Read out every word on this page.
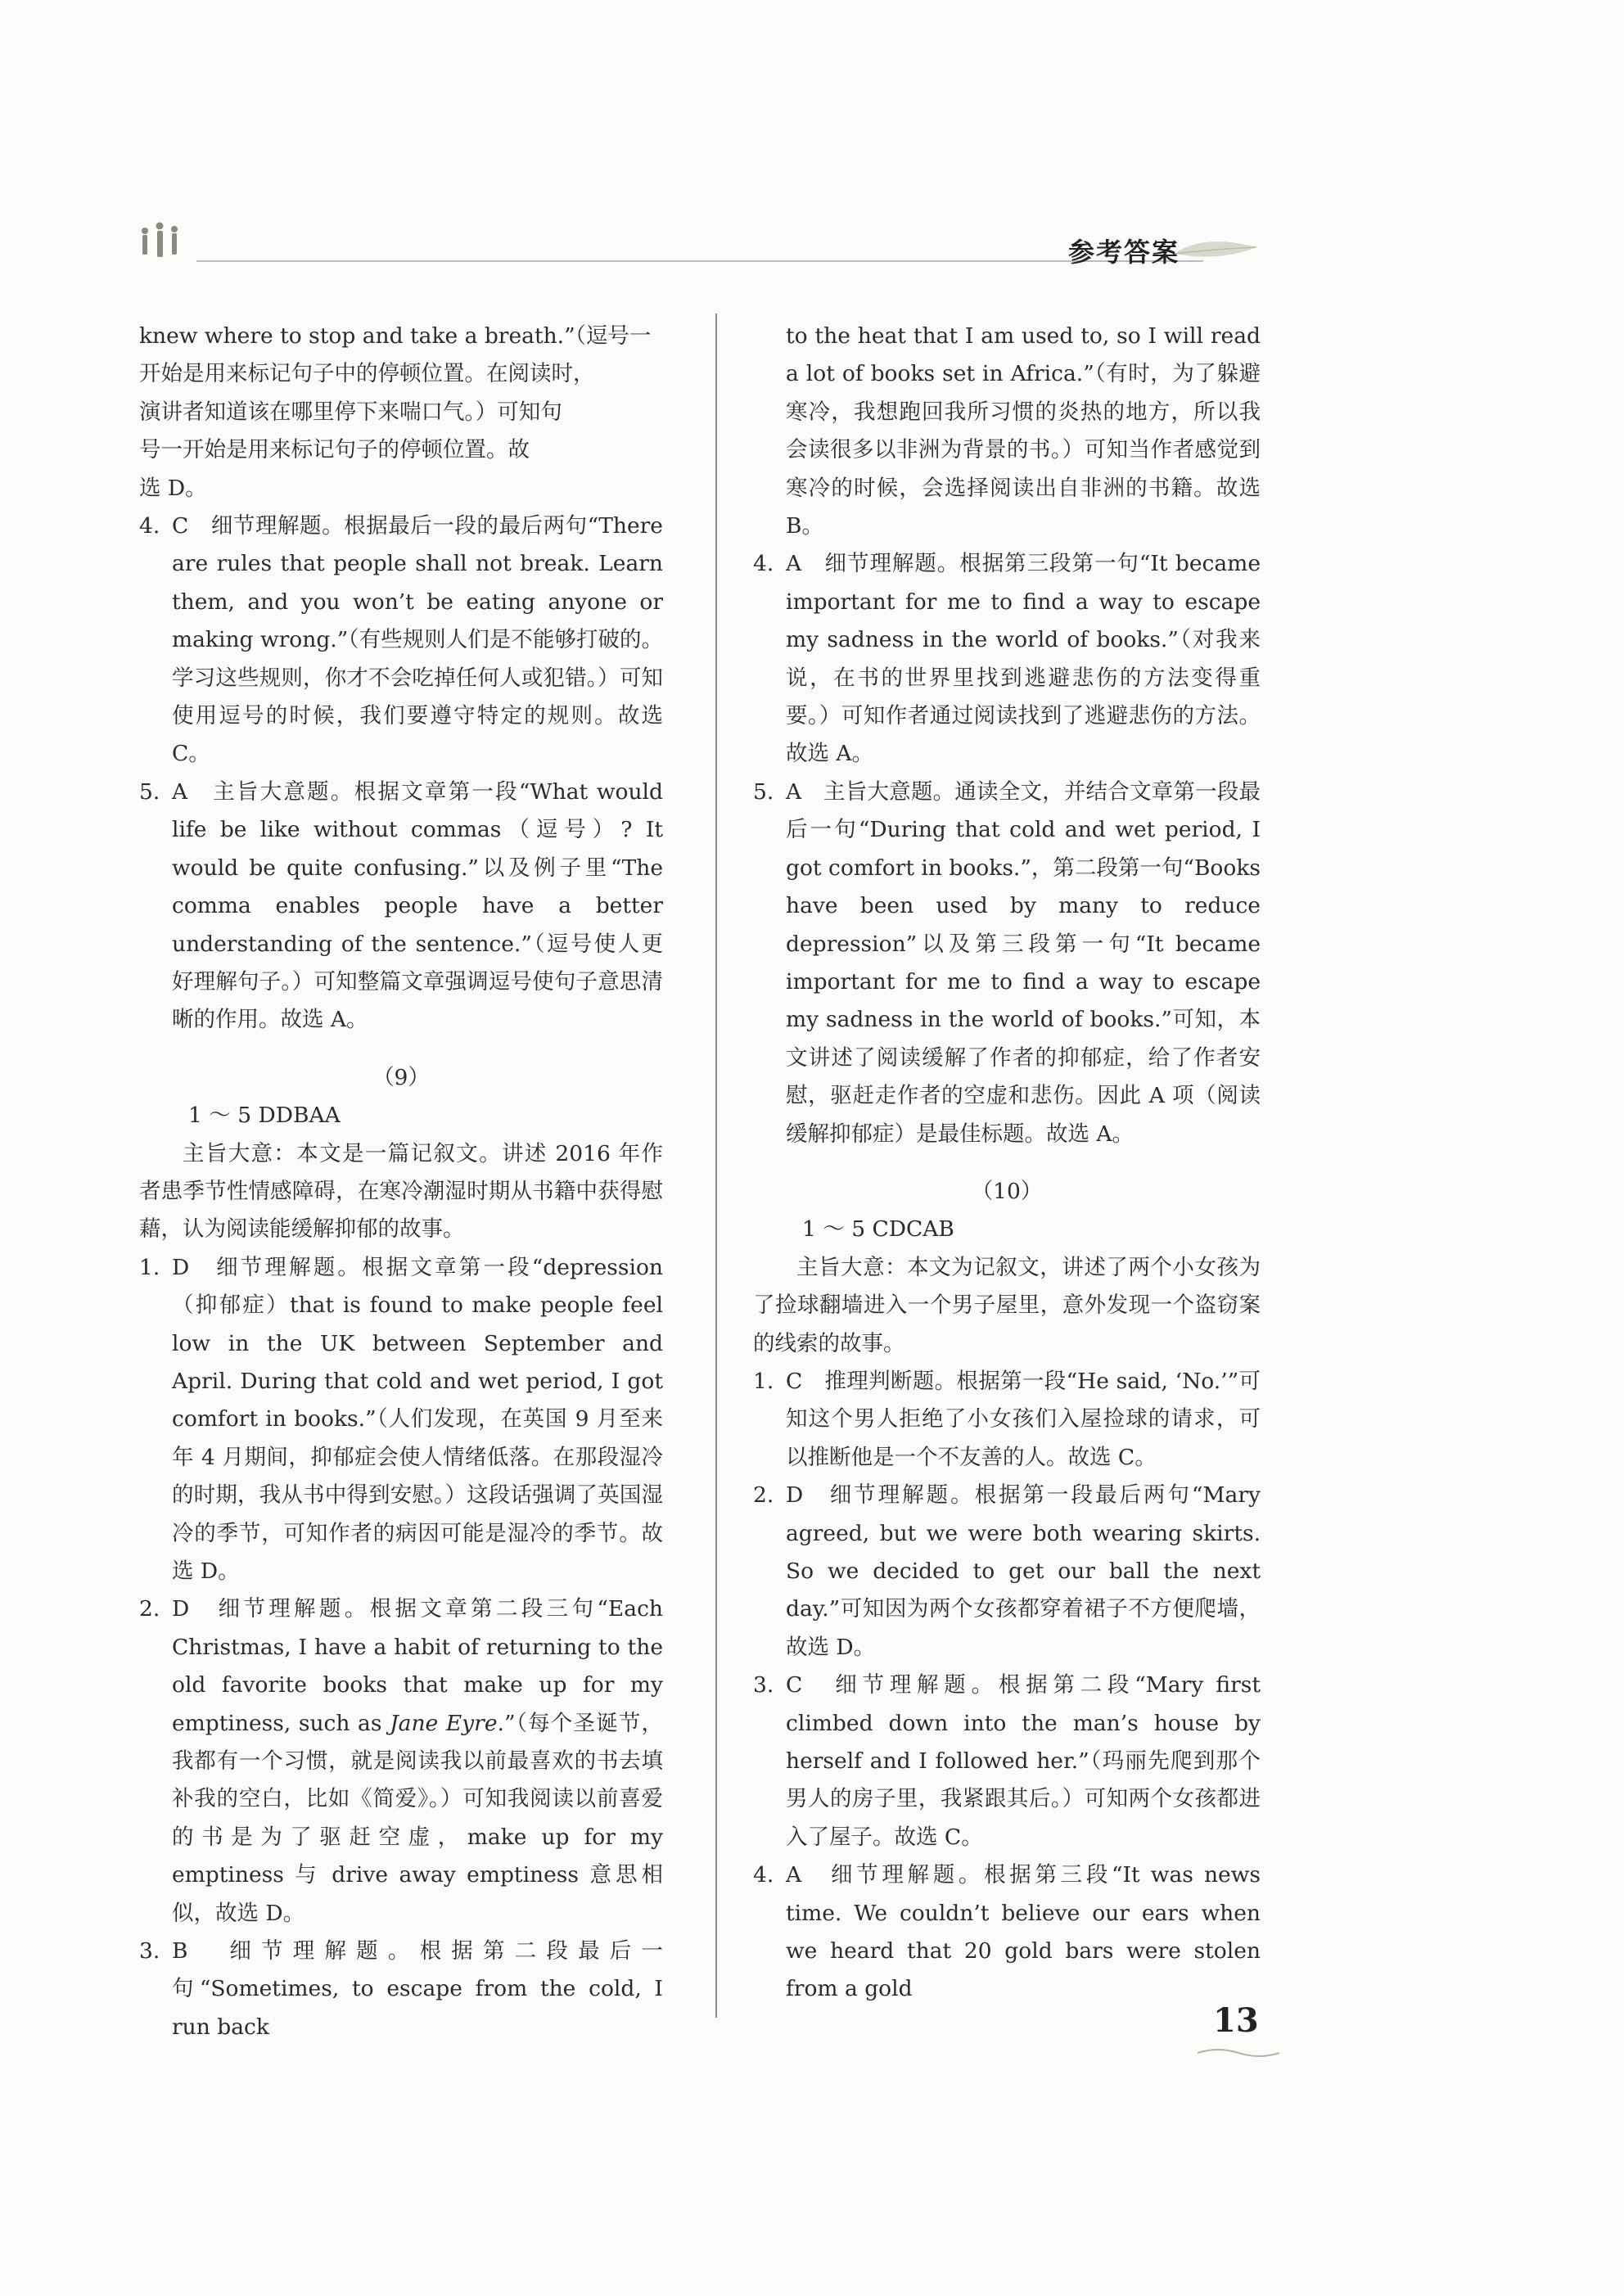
参考答案

knew where to stop and take a breath.”（逗号一

开始是用来标记句子中的停顿位置。在阅读时，

演讲者知道该在哪里停下来喘口气。）可知句

号一开始是用来标记句子的停顿位置。故

选 D。

4. C　细节理解题。根据最后一段的最后两句“There are rules that people shall not break. Learn them, and you won’t be eating anyone or making wrong.”（有些规则人们是不能够打破的。学习这些规则，你才不会吃掉任何人或犯错。）可知使用逗号的时候，我们要遵守特定的规则。故选 C。
5. A　主旨大意题。根据文章第一段“What would life be like without commas（逗号）? It would be quite confusing.”以及例子里“The comma enables people have a better understanding of the sentence.”（逗号使人更好理解句子。）可知整篇文章强调逗号使句子意思清晰的作用。故选 A。

（9）

1 ～ 5 DDBAA

主旨大意：本文是一篇记叙文。讲述 2016 年作者患季节性情感障碍，在寒冷潮湿时期从书籍中获得慰藉，认为阅读能缓解抑郁的故事。

1. D　细节理解题。根据文章第一段“depression（抑郁症）that is found to make people feel low in the UK between September and April. During that cold and wet period, I got comfort in books.”（人们发现，在英国 9 月至来年 4 月期间，抑郁症会使人情绪低落。在那段湿冷的时期，我从书中得到安慰。）这段话强调了英国湿冷的季节，可知作者的病因可能是湿冷的季节。故选 D。
2. D　细节理解题。根据文章第二段三句“Each Christmas, I have a habit of returning to the old favorite books that make up for my emptiness, such as Jane Eyre.”（每个圣诞节，我都有一个习惯，就是阅读我以前最喜欢的书去填补我的空白，比如《简爱》。）可知我阅读以前喜爱的书是为了驱赶空虚，make up for my emptiness 与 drive away emptiness 意思相似，故选 D。
3. B　细节理解题。根据第二段最后一句“Sometimes, to escape from the cold, I run back

to the heat that I am used to, so I will read a lot of books set in Africa.”（有时，为了躲避寒冷，我想跑回我所习惯的炎热的地方，所以我会读很多以非洲为背景的书。）可知当作者感觉到寒冷的时候，会选择阅读出自非洲的书籍。故选 B。

4. A　细节理解题。根据第三段第一句“It became important for me to find a way to escape my sadness in the world of books.”（对我来说，在书的世界里找到逃避悲伤的方法变得重要。）可知作者通过阅读找到了逃避悲伤的方法。故选 A。
5. A　主旨大意题。通读全文，并结合文章第一段最后一句“During that cold and wet period, I got comfort in books.”，第二段第一句“Books have been used by many to reduce depression”以及第三段第一句“It became important for me to find a way to escape my sadness in the world of books.”可知，本文讲述了阅读缓解了作者的抑郁症，给了作者安慰，驱赶走作者的空虚和悲伤。因此 A 项（阅读缓解抑郁症）是最佳标题。故选 A。

（10）

1 ～ 5 CDCAB

主旨大意：本文为记叙文，讲述了两个小女孩为了捡球翻墙进入一个男子屋里，意外发现一个盗窃案的线索的故事。

1. C　推理判断题。根据第一段“He said, ‘No.’”可知这个男人拒绝了小女孩们入屋捡球的请求，可以推断他是一个不友善的人。故选 C。
2. D　细节理解题。根据第一段最后两句“Mary agreed, but we were both wearing skirts. So we decided to get our ball the next day.”可知因为两个女孩都穿着裙子不方便爬墙，故选 D。
3. C　细节理解题。根据第二段“Mary first climbed down into the man’s house by herself and I followed her.”（玛丽先爬到那个男人的房子里，我紧跟其后。）可知两个女孩都进入了屋子。故选 C。
4. A　细节理解题。根据第三段“It was news time. We couldn’t believe our ears when we heard that 20 gold bars were stolen from a gold
13
